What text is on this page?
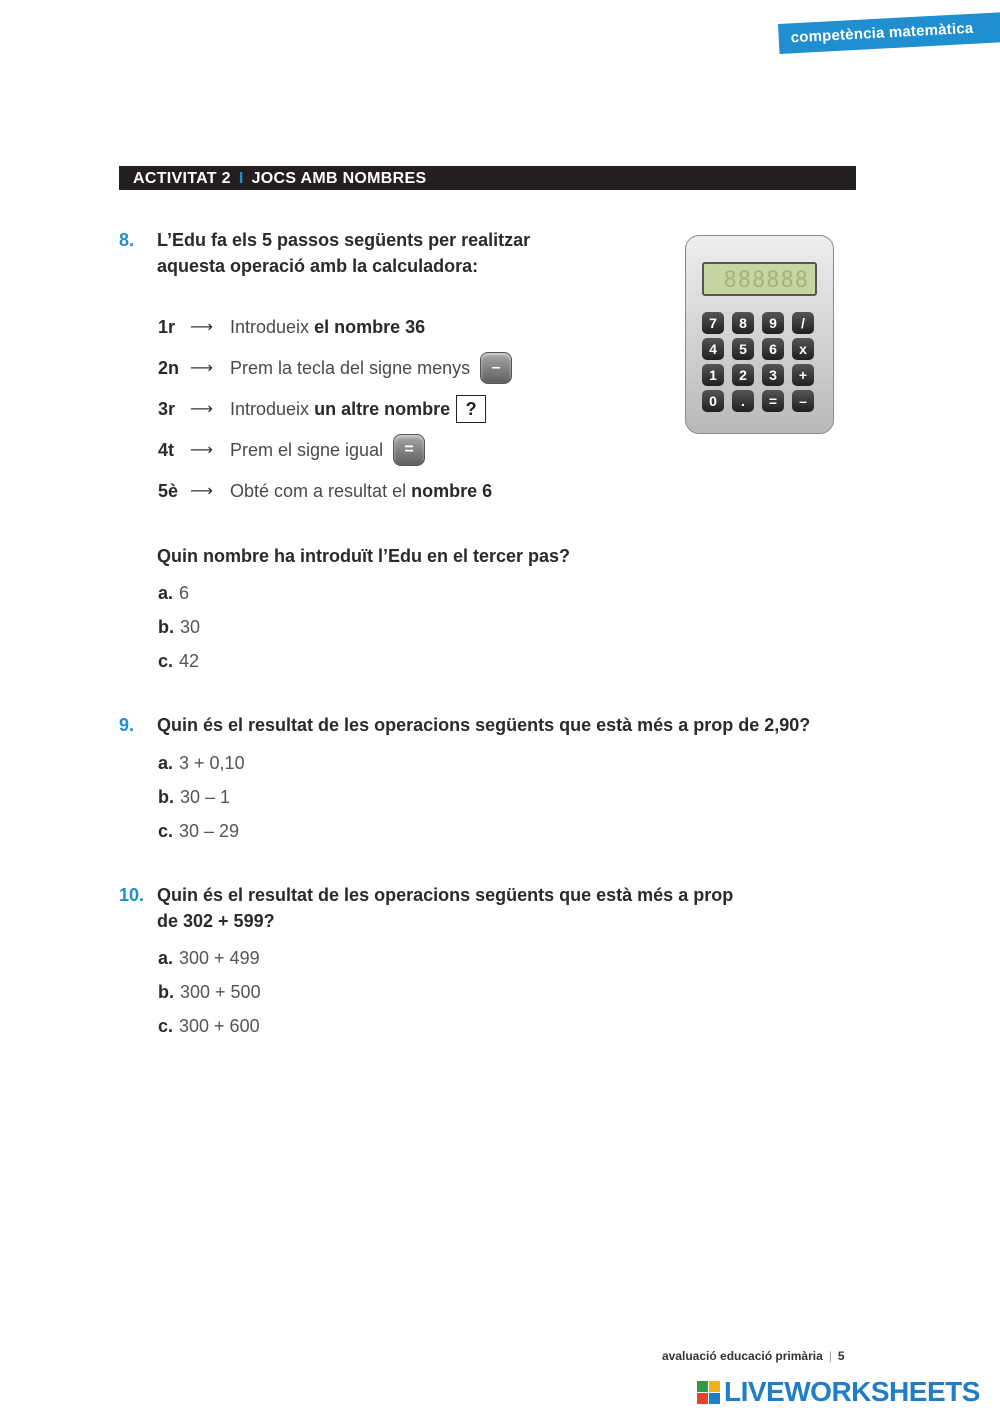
competència matemàtica
ACTIVITAT 2 I JOCS AMB NOMBRES
8. L’Edu fa els 5 passos següents per realitzar
aquesta operació amb la calculadora:
1r ⟶ Introdueix
el nombre 36
2n ⟶ Prem la tecla del signe menys	–
3r ⟶ Introdueix
un altre nombre ?
4t ⟶ Prem el signe igual	=
5è ⟶ Obté com a resultat el
nombre 6
Quin nombre ha introduït l’Edu en el tercer pas?
a. 6
b. 30
c. 42
888888
7	8	9	/
4	5	6	x
1	2	3	+
0	.	=	–
9. Quin és el resultat de les operacions següents que està més a prop de 2,90?
a. 3 + 0,10
b. 30 – 1
c. 30 – 29
10. Quin és el resultat de les operacions següents que està més a prop
de 302 + 599?
a. 300 + 499
b. 300 + 500
c. 300 + 600
avaluació educació primària | 5
LIVEWORKSHEETS
